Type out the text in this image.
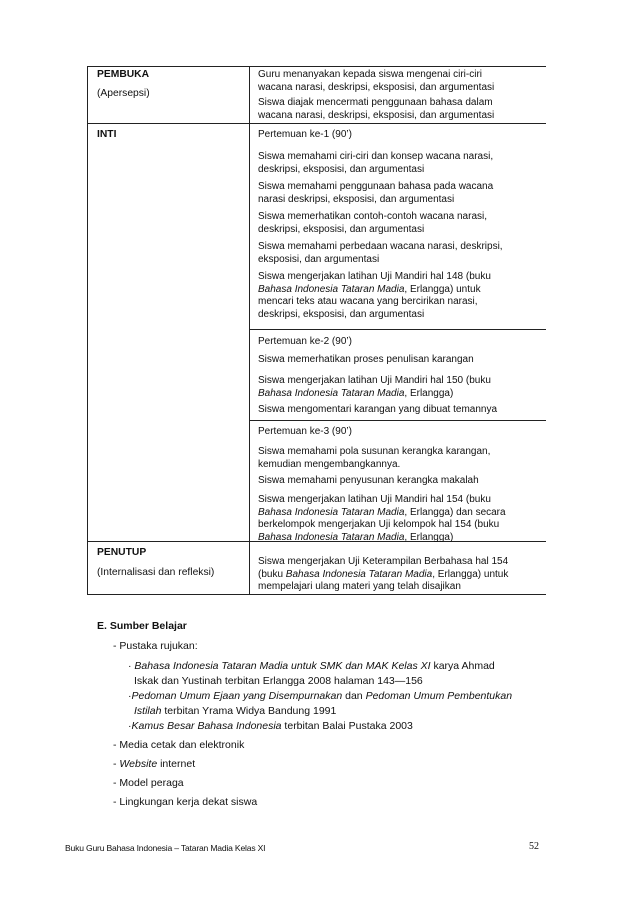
PEMBUKA
(Apersepsi)
Guru menanyakan kepada siswa mengenai ciri-ciri
wacana narasi, deskripsi, eksposisi, dan argumentasi
Siswa diajak mencermati penggunaan bahasa dalam
wacana narasi, deskripsi, eksposisi, dan argumentasi
INTI	Pertemuan ke-1 (90’)
Siswa memahami ciri-ciri dan konsep wacana narasi,
deskripsi, eksposisi, dan argumentasi
Siswa memahami penggunaan bahasa pada wacana
narasi deskripsi, eksposisi, dan argumentasi
Siswa memerhatikan contoh-contoh wacana narasi,
deskripsi, eksposisi, dan argumentasi
Siswa memahami perbedaan wacana narasi, deskripsi,
eksposisi, dan argumentasi
Siswa mengerjakan latihan Uji Mandiri hal 148 (buku
Bahasa Indonesia Tataran Madia, Erlangga) untuk
mencari teks atau wacana yang bercirikan narasi,
deskripsi, eksposisi, dan argumentasi
Pertemuan ke-2 (90’)
Siswa memerhatikan proses penulisan karangan
Siswa mengerjakan latihan Uji Mandiri hal 150 (buku
Bahasa Indonesia Tataran Madia, Erlangga)
Siswa mengomentari karangan yang dibuat temannya
Pertemuan ke-3 (90’)
Siswa memahami pola susunan kerangka karangan,
kemudian mengembangkannya.
Siswa memahami penyusunan kerangka makalah
Siswa mengerjakan latihan Uji Mandiri hal 154 (buku
Bahasa Indonesia Tataran Madia, Erlangga) dan secara
berkelompok mengerjakan Uji kelompok hal 154 (buku
Bahasa Indonesia Tataran Madia, Erlangga)
PENUTUP
(Internalisasi dan refleksi)
Siswa mengerjakan Uji Keterampilan Berbahasa hal 154
(buku Bahasa Indonesia Tataran Madia, Erlangga) untuk
mempelajari ulang materi yang telah disajikan
E. Sumber Belajar
- Pustaka rujukan:
· Bahasa Indonesia Tataran Madia untuk SMK dan MAK Kelas XI karya Ahmad
Iskak dan Yustinah terbitan Erlangga 2008 halaman 143—156
·Pedoman Umum Ejaan yang Disempurnakan dan Pedoman Umum Pembentukan
Istilah terbitan Yrama Widya Bandung 1991
·Kamus Besar Bahasa Indonesia terbitan Balai Pustaka 2003
- Media cetak dan elektronik
- Website internet
- Model peraga
- Lingkungan kerja dekat siswa
Buku Guru Bahasa Indonesia – Tataran Madia Kelas XI	52
